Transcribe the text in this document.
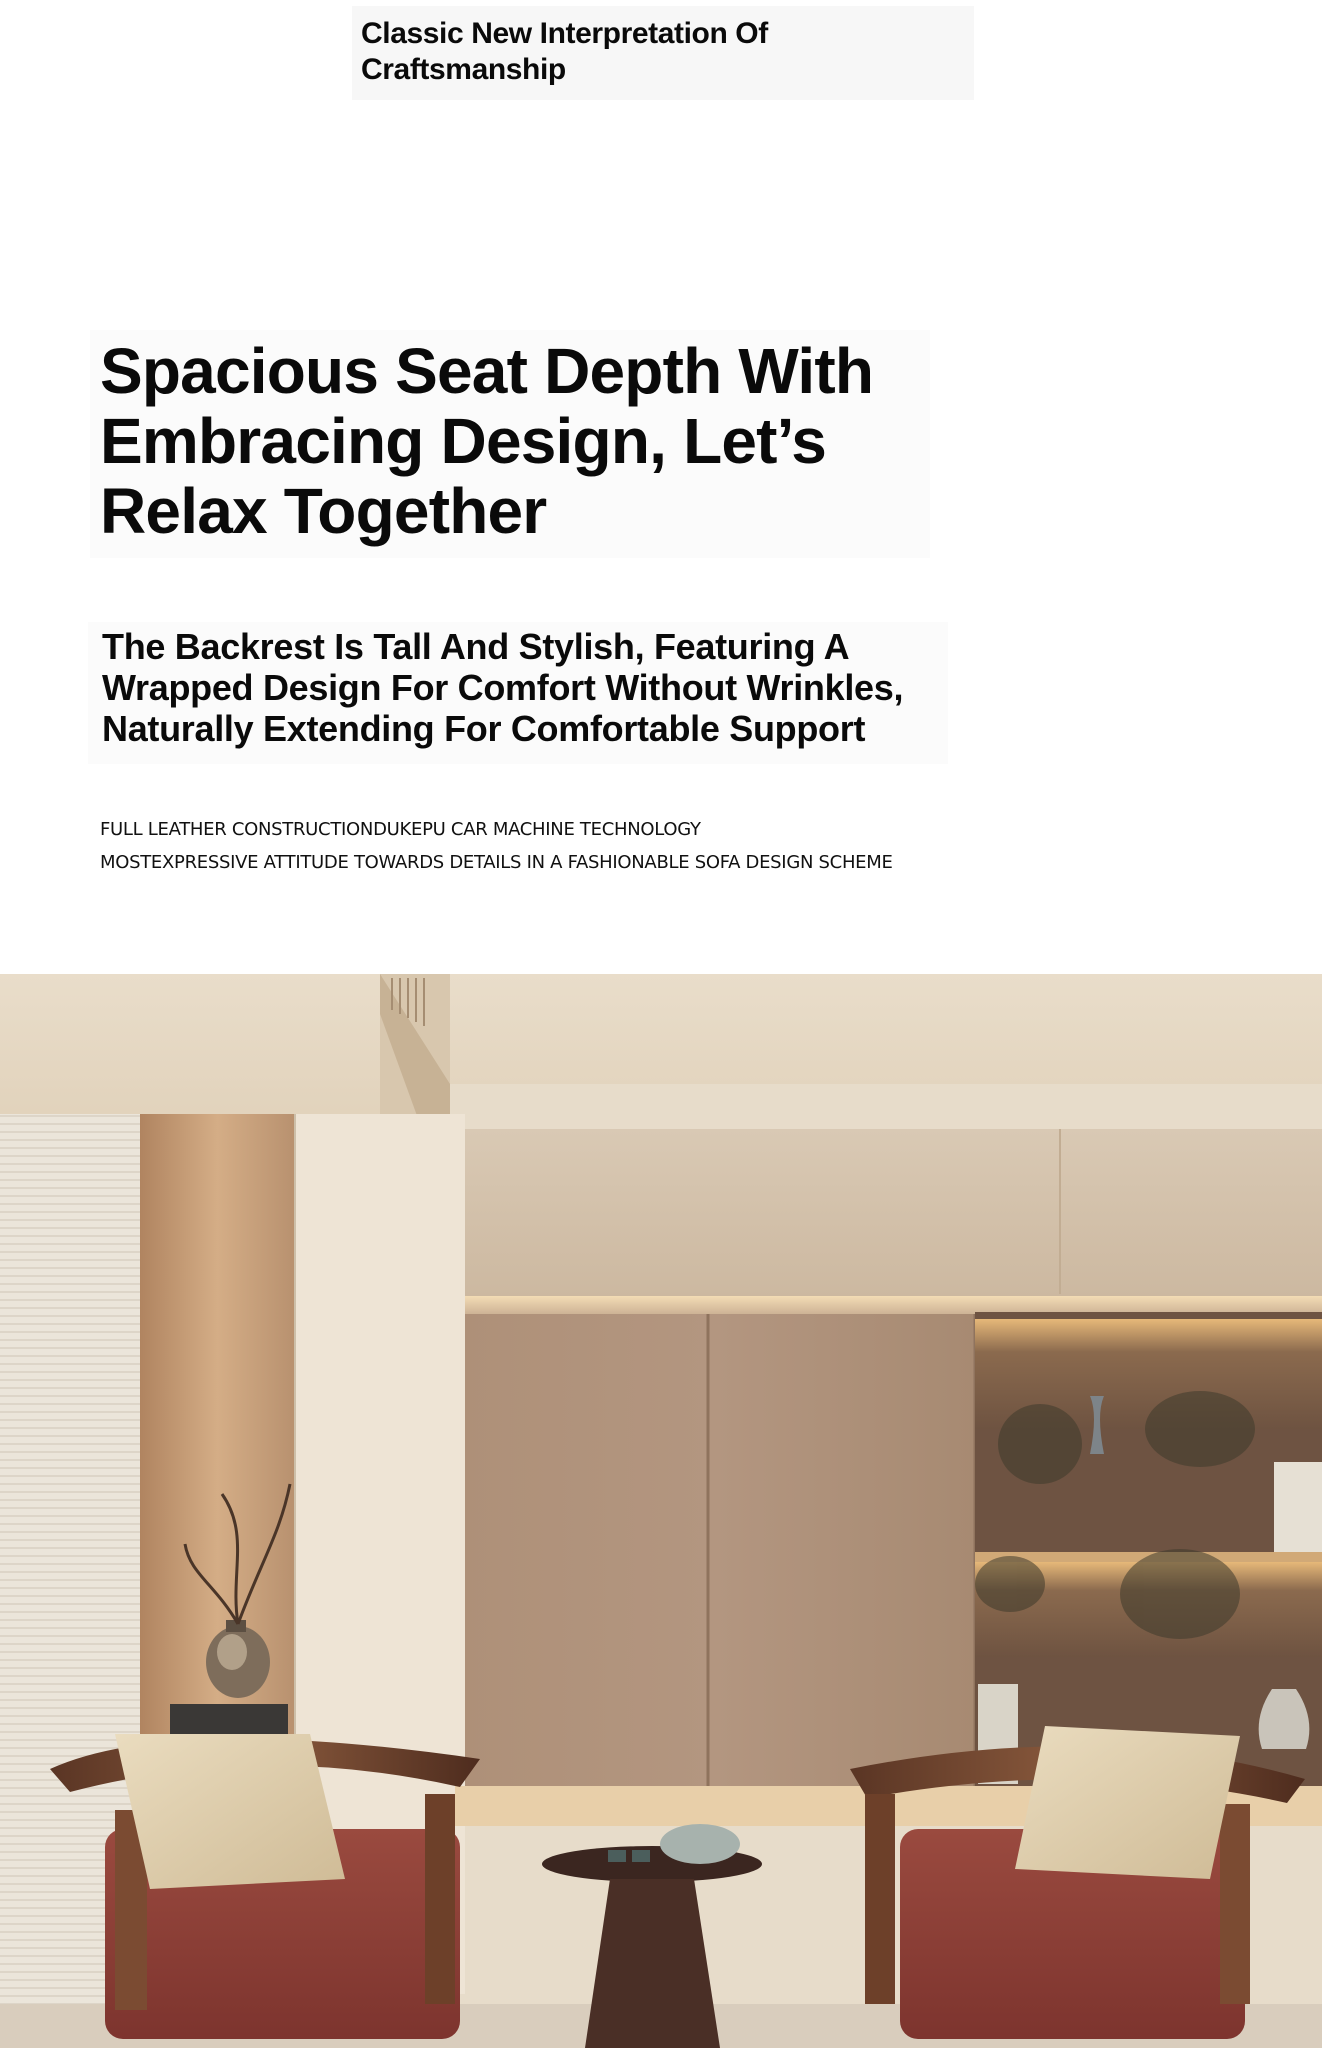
Classic New Interpretation Of
Craftsmanship
Spacious Seat Depth With
Embracing Design, Let’s
Relax Together
The Backrest Is Tall And Stylish, Featuring A
Wrapped Design For Comfort Without Wrinkles,
Naturally Extending For Comfortable Support
FULL LEATHER CONSTRUCTIONDUKEPU CAR MACHINE TECHNOLOGY
MOSTEXPRESSIVE ATTITUDE TOWARDS DETAILS IN A FASHIONABLE SOFA DESIGN SCHEME
